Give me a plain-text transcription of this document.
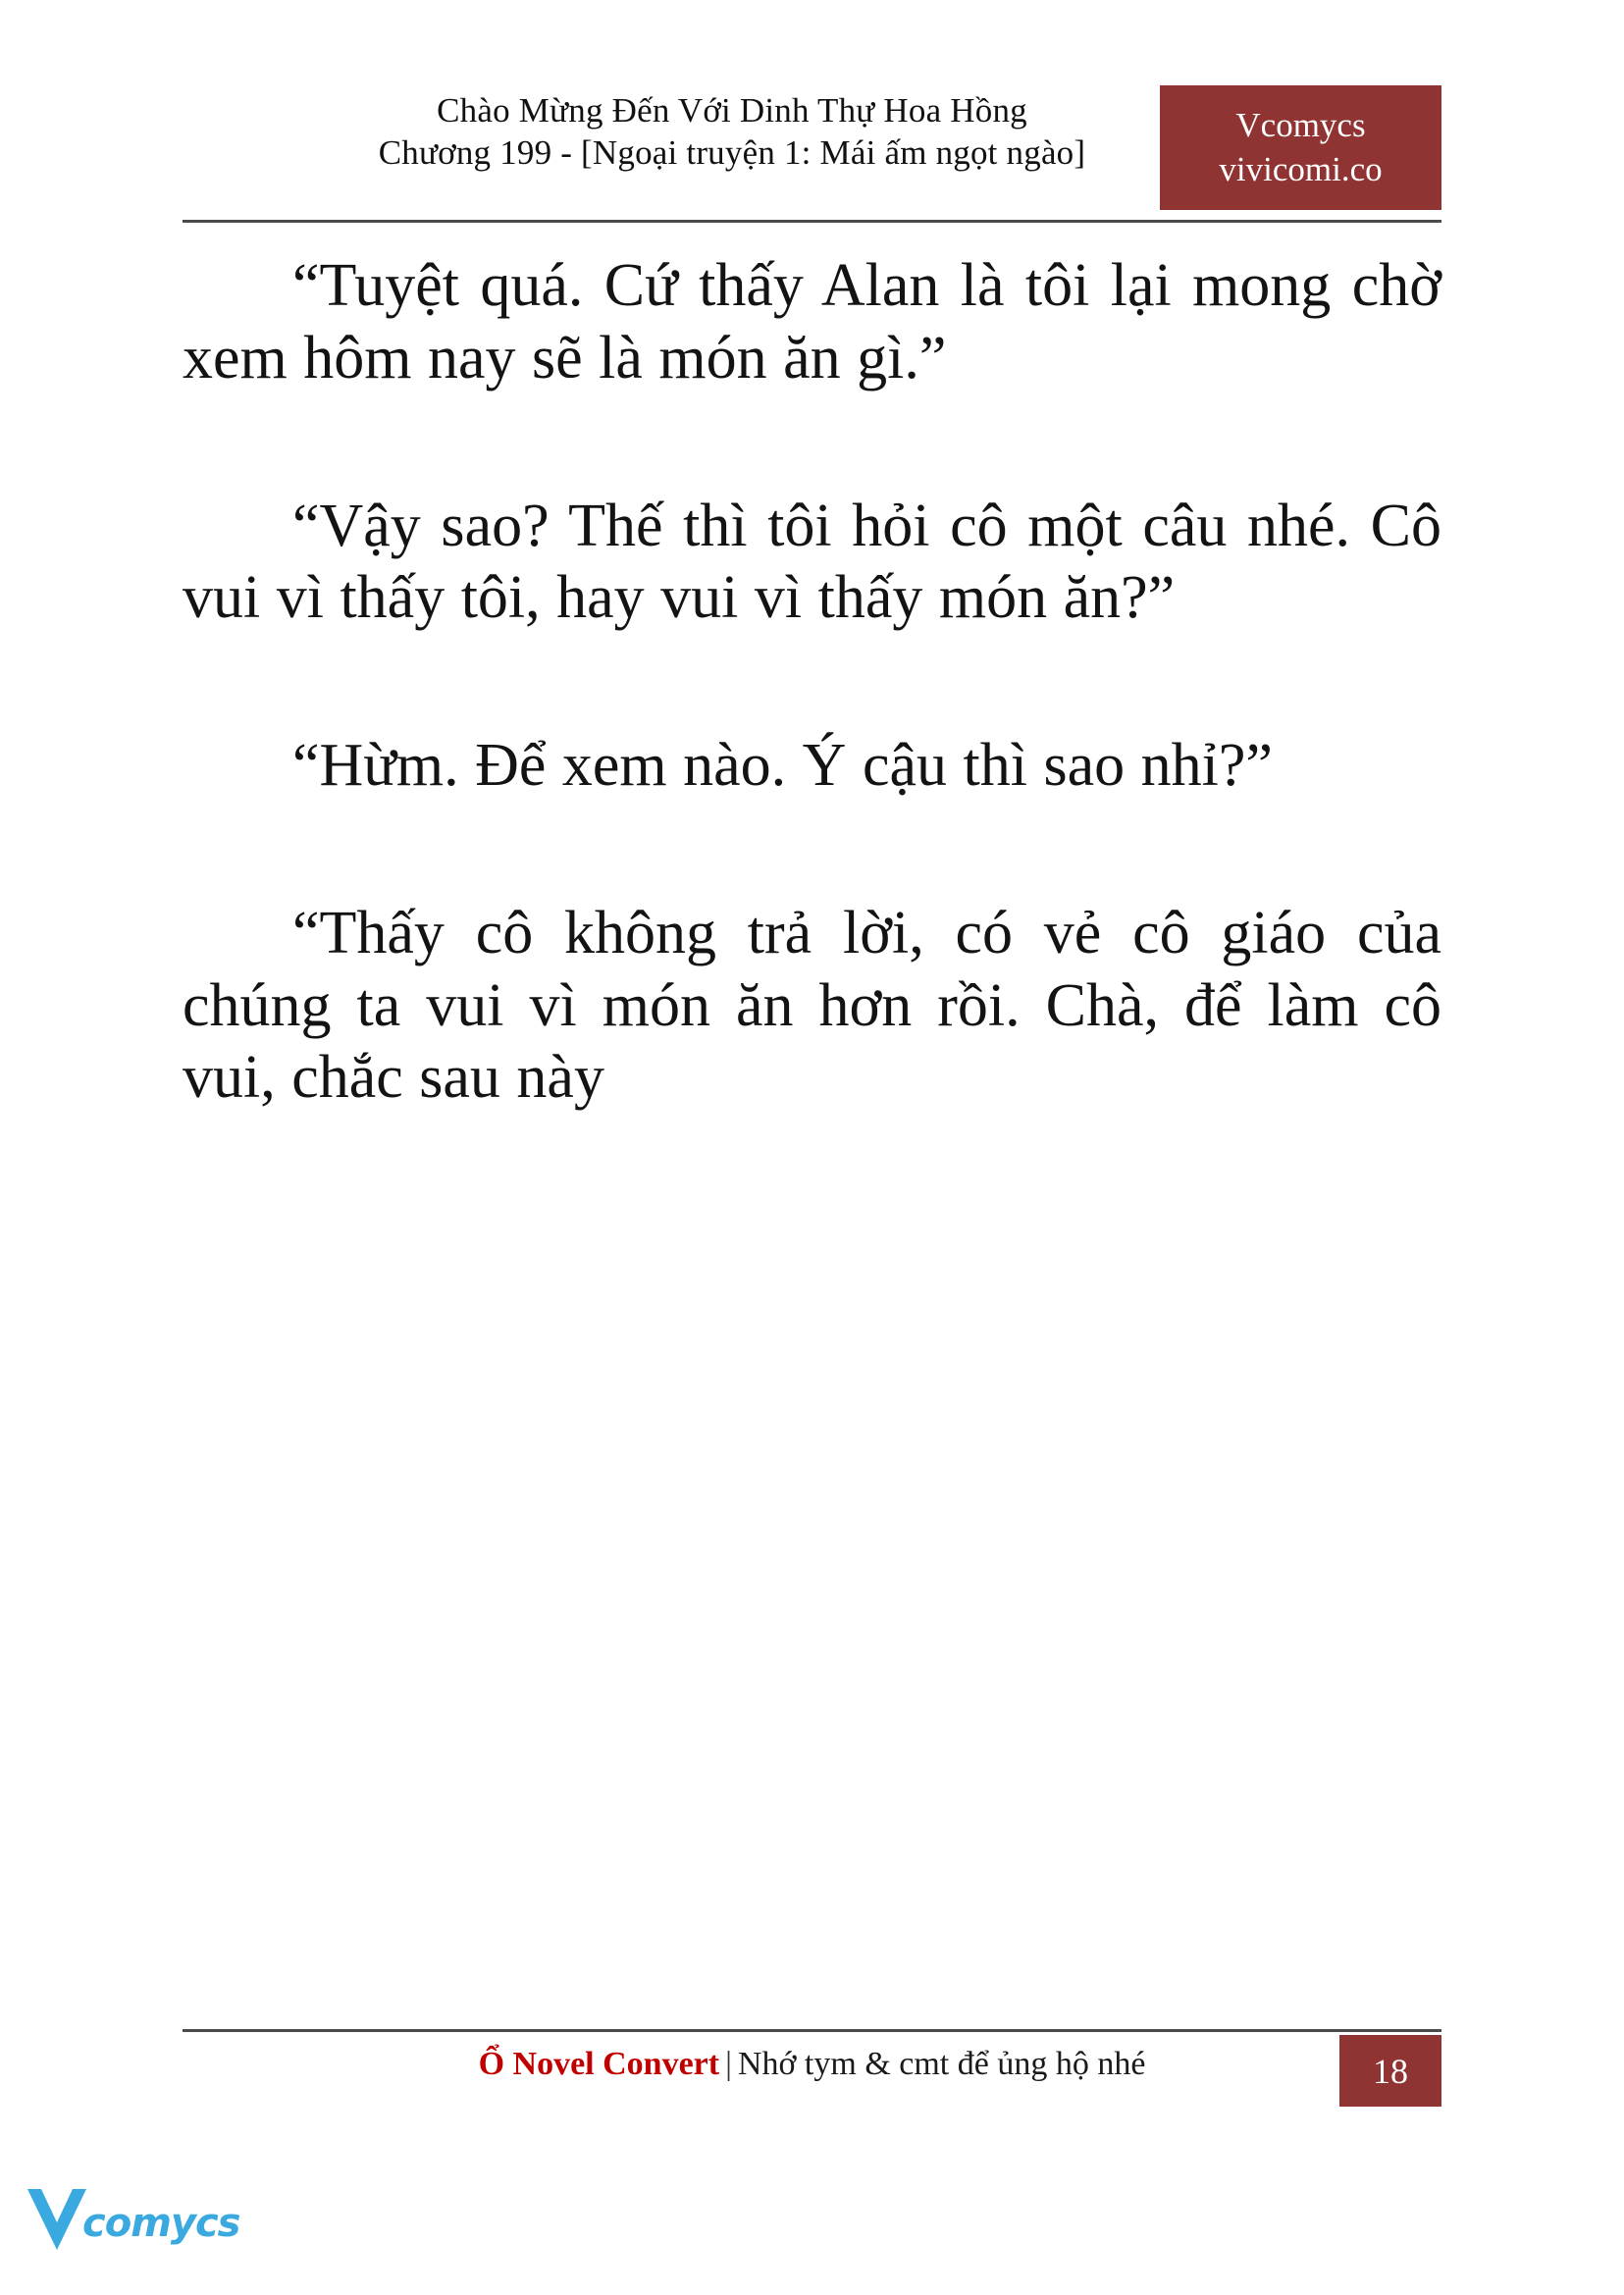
Chào Mừng Đến Với Dinh Thự Hoa Hồng
Chương 199 - [Ngoại truyện 1: Mái ấm ngọt ngào]
Vcomycs
vivicomi.co

“Tuyệt quá. Cứ thấy Alan là tôi lại mong chờ xem hôm nay sẽ là món ăn gì.”

“Vậy sao? Thế thì tôi hỏi cô một câu nhé. Cô vui vì thấy tôi, hay vui vì thấy món ăn?”

“Hừm. Để xem nào. Ý cậu thì sao nhỉ?”

“Thấy cô không trả lời, có vẻ cô giáo của chúng ta vui vì món ăn hơn rồi. Chà, để làm cô vui, chắc sau này

Ổ Novel Convert | Nhớ tym & cmt để ủng hộ nhé	18
comycs
